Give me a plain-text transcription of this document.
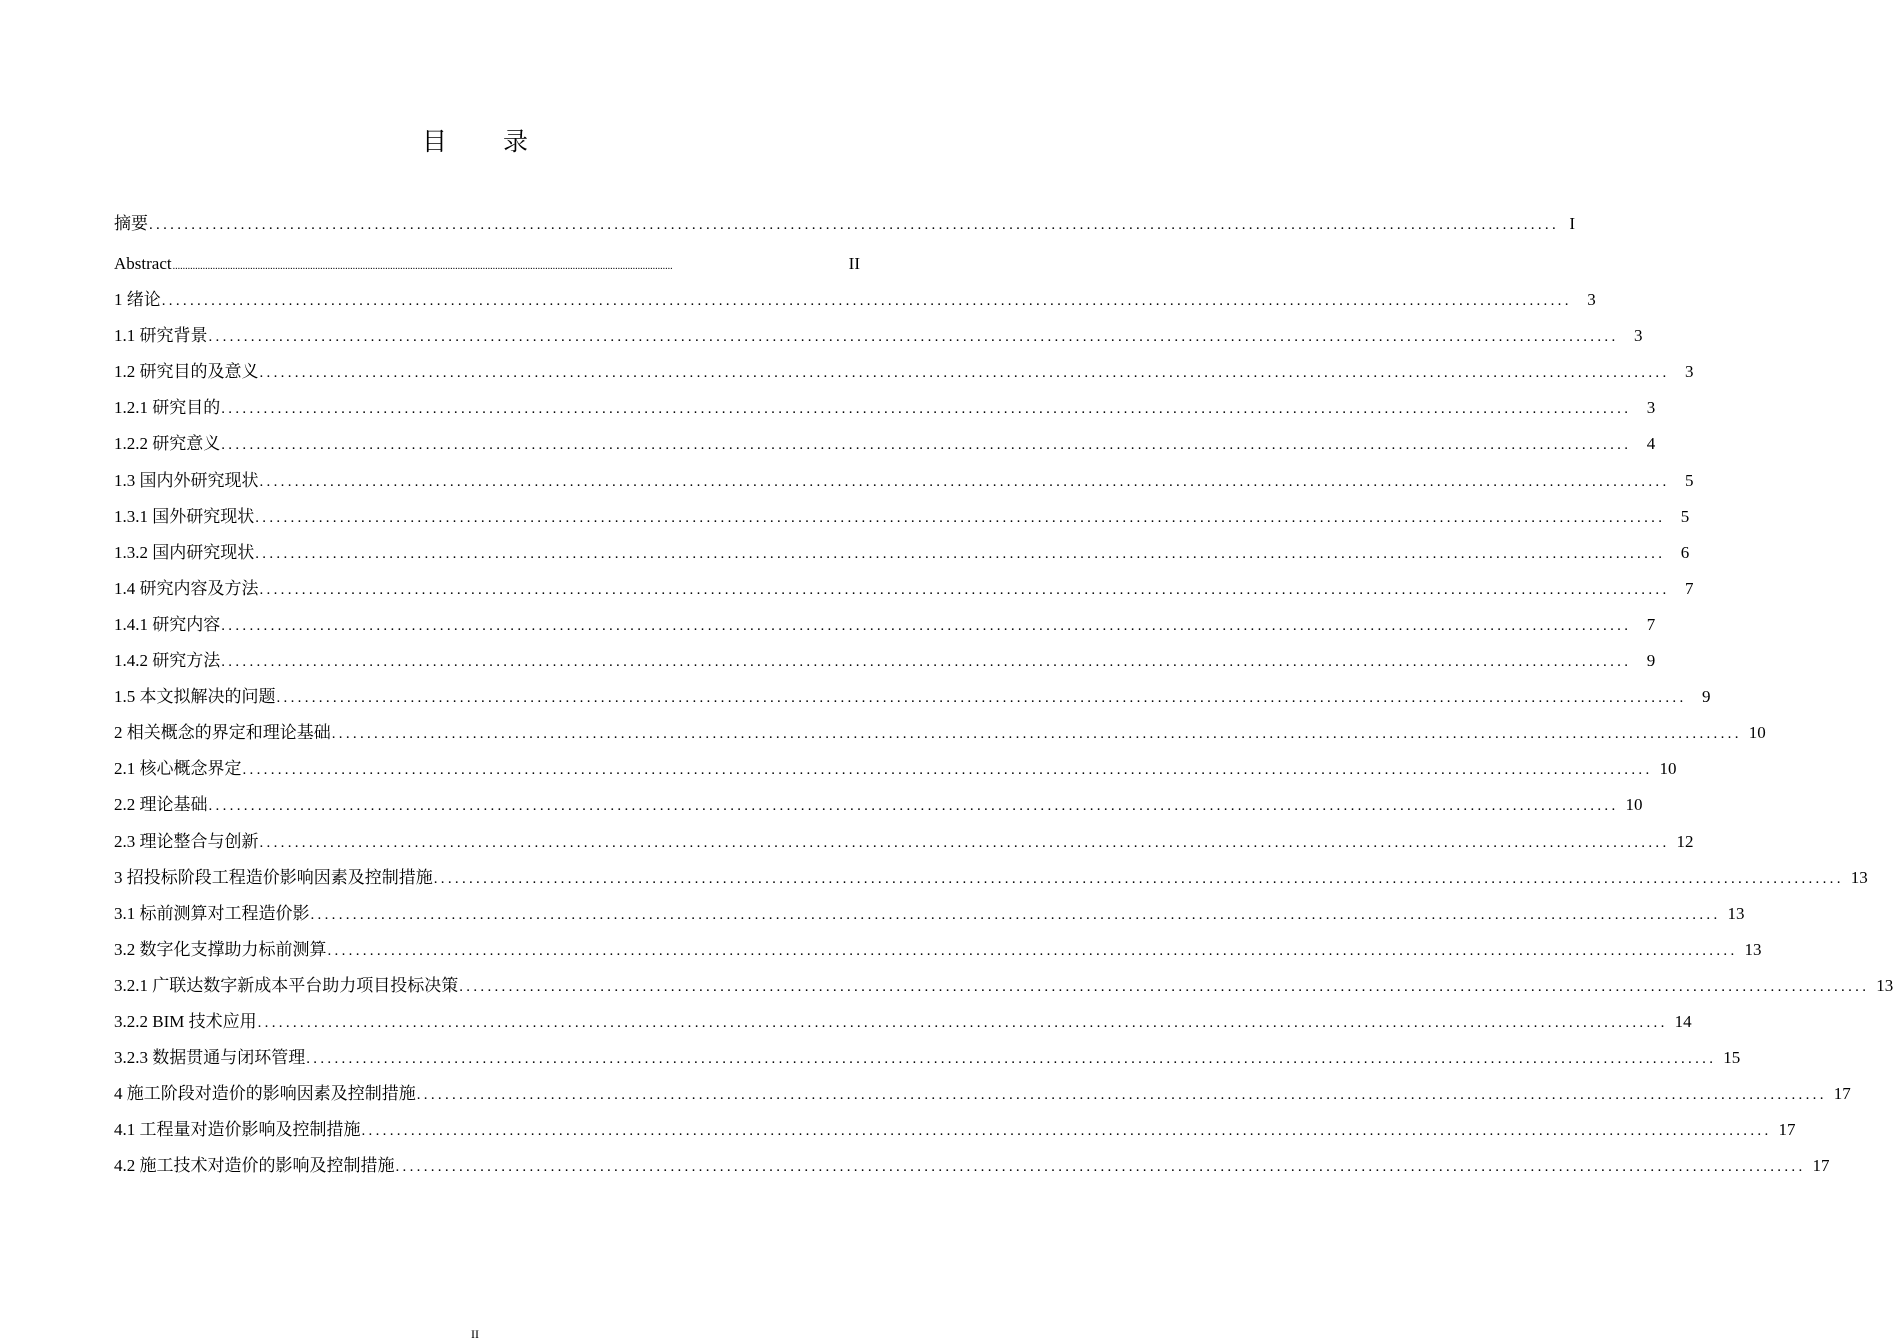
目 录
摘要 ........................................................................................................................................................................................................ I
Abstract ........................................................................................................................................................................................................	II
1 绪论 ........................................................................................................................................................................................................ 3
1.1 研究背景 ........................................................................................................................................................................................................ 3
1.2 研究目的及意义 ........................................................................................................................................................................................................ 3
1.2.1 研究目的 ........................................................................................................................................................................................................ 3
1.2.2 研究意义 ........................................................................................................................................................................................................ 4
1.3 国内外研究现状 ........................................................................................................................................................................................................ 5
1.3.1 国外研究现状 ........................................................................................................................................................................................................ 5
1.3.2 国内研究现状 ........................................................................................................................................................................................................ 6
1.4 研究内容及方法 ........................................................................................................................................................................................................ 7
1.4.1 研究内容 ........................................................................................................................................................................................................ 7
1.4.2 研究方法 ........................................................................................................................................................................................................ 9
1.5 本文拟解决的问题 ........................................................................................................................................................................................................ 9
2 相关概念的界定和理论基础 ........................................................................................................................................................................................................ 10
2.1 核心概念界定 ........................................................................................................................................................................................................ 10
2.2 理论基础 ........................................................................................................................................................................................................ 10
2.3 理论整合与创新 ........................................................................................................................................................................................................ 12
3 招投标阶段工程造价影响因素及控制措施 ........................................................................................................................................................................................................ 13
3.1 标前测算对工程造价影 ........................................................................................................................................................................................................ 13
3.2 数字化支撑助力标前测算 ........................................................................................................................................................................................................ 13
3.2.1 广联达数字新成本平台助力项目投标决策 ........................................................................................................................................................................................................ 13
3.2.2 BIM 技术应用 ........................................................................................................................................................................................................ 14
3.2.3 数据贯通与闭环管理 ........................................................................................................................................................................................................ 15
4 施工阶段对造价的影响因素及控制措施 ........................................................................................................................................................................................................ 17
4.1 工程量对造价影响及控制措施 ........................................................................................................................................................................................................ 17
4.2 施工技术对造价的影响及控制措施 ........................................................................................................................................................................................................ 17
II
